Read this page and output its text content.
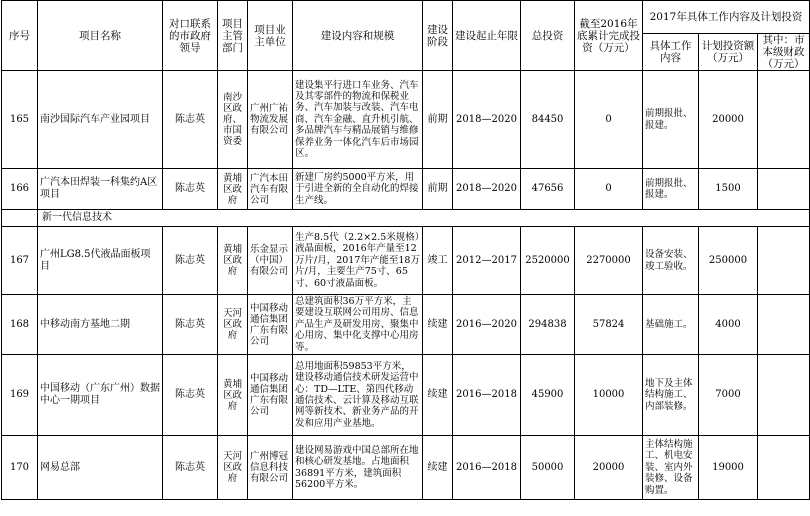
序号	项目名称	对口联系的市政府领导	项目主管部门	项目业主单位	建设内容和规模	建设阶段	建设起止年限	总投资	截至2016年底累计完成投资（万元）	2017年具体工作内容及计划投资		
										具体工作内容	计划投资额（万元）	其中：市本级财政（万元）
165	南沙国际汽车产业园项目	陈志英	南沙区政府、市国资委	广州广祐物流发展有限公司	建设集平行进口车业务、汽车及其零部件的物流和保税业务、汽车加装与改装、汽车电商、汽车金融、直升机引航、多品牌汽车与精品展销与维修保养业务一体化汽车后市场园区。	前期	2018—2020	84450	0	前期报批、报建。	20000	
166	广汽本田焊装一科集约A区项目	陈志英	黄埔区政府	广汽本田汽车有限公司	新建厂房约5000平方米，用于引进全新的全自动化的焊接生产线。	前期	2018—2020	47656	0	前期报批、报建。	1500	
	新一代信息技术											
167	广州LG8.5代液晶面板项目	陈志英	黄埔区政府	乐金显示（中国）有限公司	生产8.5代（2.2×2.5米规格）液晶面板，2016年产量至12万片/月，2017年产能至18万片/月，主要生产75寸、65寸、60寸液晶面板。	竣工	2012—2017	2520000	2270000	设备安装、竣工验收。	250000	
168	中移动南方基地二期	陈志英	天河区政府	中国移动通信集团广东有限公司	总建筑面积36万平方米，主要建设互联网公司用房、信息产品生产及研发用房、聚集中心用房、集中化支撑中心用房等。	续建	2016—2020	294838	57824	基础施工。	4000	
169	中国移动（广东广州）数据中心一期项目	陈志英	黄埔区政府	中国移动通信集团广东有限公司	总用地面积59853平方米，建设移动通信技术研发运营中心：TD—LTE、第四代移动通信技术、云计算及移动互联网等新技术、新业务产品的开发和应用产业基地。	续建	2016—2018	45900	10000	地下及主体结构施工、内部装修。	7000	
170	网易总部	陈志英	天河区政府	广州博冠信息科技有限公司	建设网易游戏中国总部所在地和核心研发基地。占地面积36891平方米，建筑面积56200平方米。	续建	2016—2018	50000	20000	主体结构施工、机电安装、室内外装修、设备购置。	19000	
